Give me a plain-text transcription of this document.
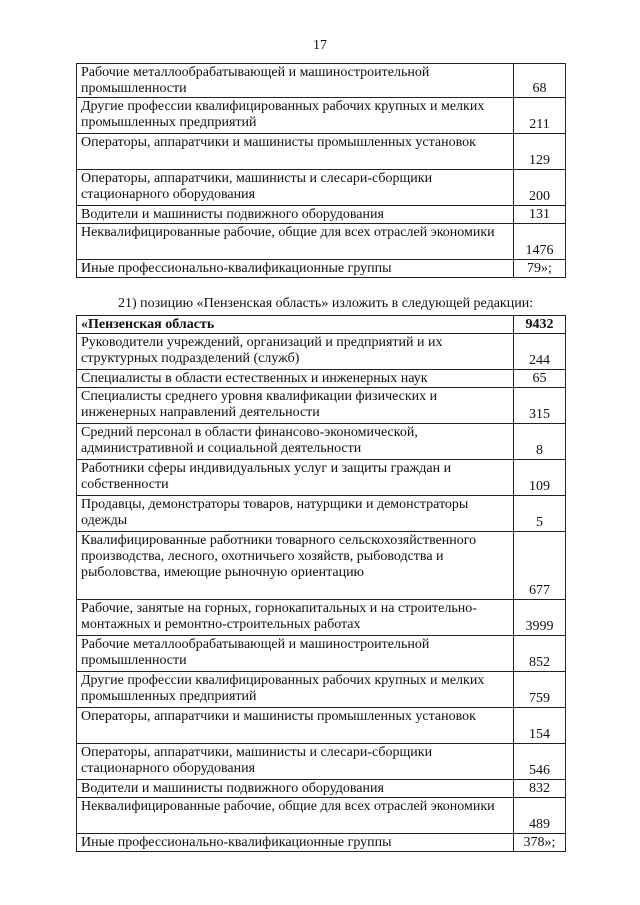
17
Рабочие металлообрабатывающей и машиностроительной промышленности	68
Другие профессии квалифицированных рабочих крупных и мелких промышленных предприятий	211
Операторы, аппаратчики и машинисты промышленных установок	129
Операторы, аппаратчики, машинисты и слесари-сборщики стационарного оборудования	200
Водители и машинисты подвижного оборудования	131
Неквалифицированные рабочие, общие для всех отраслей экономики	1476
Иные профессионально-квалификационные группы	79»;
21) позицию «Пензенская область» изложить в следующей редакции:
«Пензенская область	9432
Руководители учреждений, организаций и предприятий и их структурных подразделений (служб)	244
Специалисты в области естественных и инженерных наук	65
Специалисты среднего уровня квалификации физических и инженерных направлений деятельности	315
Средний персонал в области финансово-экономической, административной и социальной деятельности	8
Работники сферы индивидуальных услуг и защиты граждан и собственности	109
Продавцы, демонстраторы товаров, натурщики и демонстраторы одежды	5
Квалифицированные работники товарного сельскохозяйственного производства, лесного, охотничьего хозяйств, рыбоводства и рыболовства, имеющие рыночную ориентацию	677
Рабочие, занятые на горных, горнокапитальных и на строительно-монтажных и ремонтно-строительных работах	3999
Рабочие металлообрабатывающей и машиностроительной промышленности	852
Другие профессии квалифицированных рабочих крупных и мелких промышленных предприятий	759
Операторы, аппаратчики и машинисты промышленных установок	154
Операторы, аппаратчики, машинисты и слесари-сборщики стационарного оборудования	546
Водители и машинисты подвижного оборудования	832
Неквалифицированные рабочие, общие для всех отраслей экономики	489
Иные профессионально-квалификационные группы	378»;
